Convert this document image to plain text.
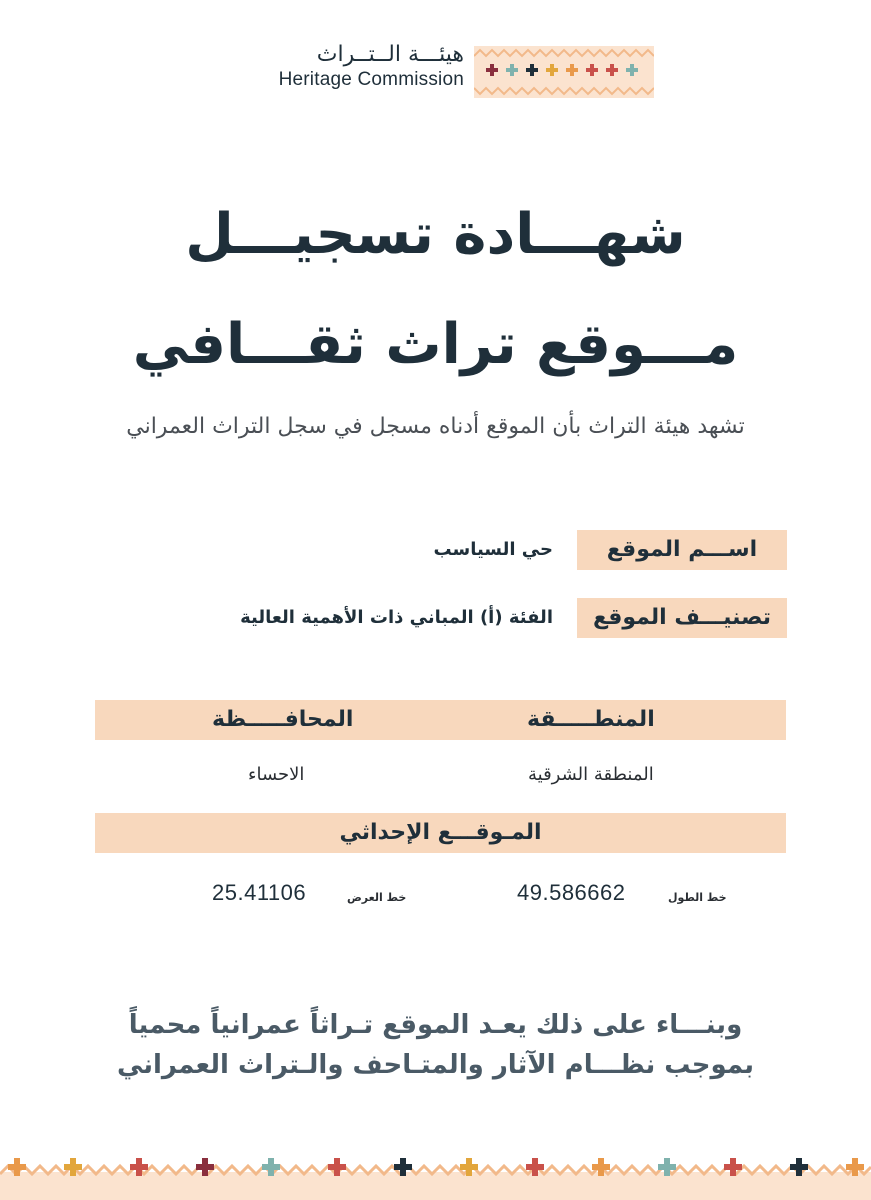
هيئـــة الــتــراث
Heritage Commission
شهـــادة تسجيـــل
مـــوقع تراث ثقـــافي
تشهد هيئة التراث بأن الموقع أدناه مسجل في سجل التراث العمراني
اســـم الموقع
حي السياسب
تصنيـــف الموقع
الفئة (أ) المباني ذات الأهمية العالية
المنطـــــقة
المحافـــــظة
المنطقة الشرقية
الاحساء
المـوقـــع الإحداثي
خط الطول
49.586662
خط العرض
25.41106
وبنـــاء على ذلك يعـد الموقع تـراثاً عمرانياً محمياً
بموجب نظـــام الآثار والمتـاحف والـتراث العمراني
